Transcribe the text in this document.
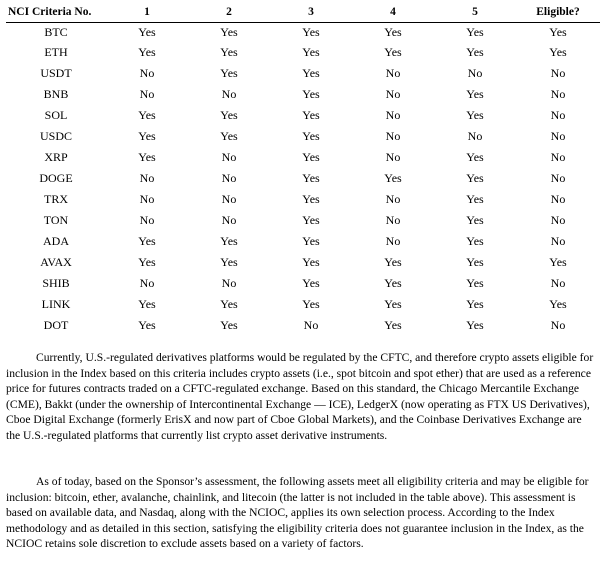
NCI Criteria No.	1	2	3	4	5	Eligible?
BTC	Yes	Yes	Yes	Yes	Yes	Yes
ETH	Yes	Yes	Yes	Yes	Yes	Yes
USDT	No	Yes	Yes	No	No	No
BNB	No	No	Yes	No	Yes	No
SOL	Yes	Yes	Yes	No	Yes	No
USDC	Yes	Yes	Yes	No	No	No
XRP	Yes	No	Yes	No	Yes	No
DOGE	No	No	Yes	Yes	Yes	No
TRX	No	No	Yes	No	Yes	No
TON	No	No	Yes	No	Yes	No
ADA	Yes	Yes	Yes	No	Yes	No
AVAX	Yes	Yes	Yes	Yes	Yes	Yes
SHIB	No	No	Yes	Yes	Yes	No
LINK	Yes	Yes	Yes	Yes	Yes	Yes
DOT	Yes	Yes	No	Yes	Yes	No

Currently, U.S.-regulated derivatives platforms would be regulated by the CFTC, and therefore crypto assets eligible for inclusion in the Index based on this criteria includes crypto assets (i.e., spot bitcoin and spot ether) that are used as a reference price for futures contracts traded on a CFTC-regulated exchange. Based on this standard, the Chicago Mercantile Exchange (CME), Bakkt (under the ownership of Intercontinental Exchange — ICE), LedgerX (now operating as FTX US Derivatives), Cboe Digital Exchange (formerly ErisX and now part of Cboe Global Markets), and the Coinbase Derivatives Exchange are the U.S.-regulated platforms that currently list crypto asset derivative instruments.

As of today, based on the Sponsor’s assessment, the following assets meet all eligibility criteria and may be eligible for inclusion: bitcoin, ether, avalanche, chainlink, and litecoin (the latter is not included in the table above). This assessment is based on available data, and Nasdaq, along with the NCIOC, applies its own selection process. According to the Index methodology and as detailed in this section, satisfying the eligibility criteria does not guarantee inclusion in the Index, as the NCIOC retains sole discretion to exclude assets based on a variety of factors.
